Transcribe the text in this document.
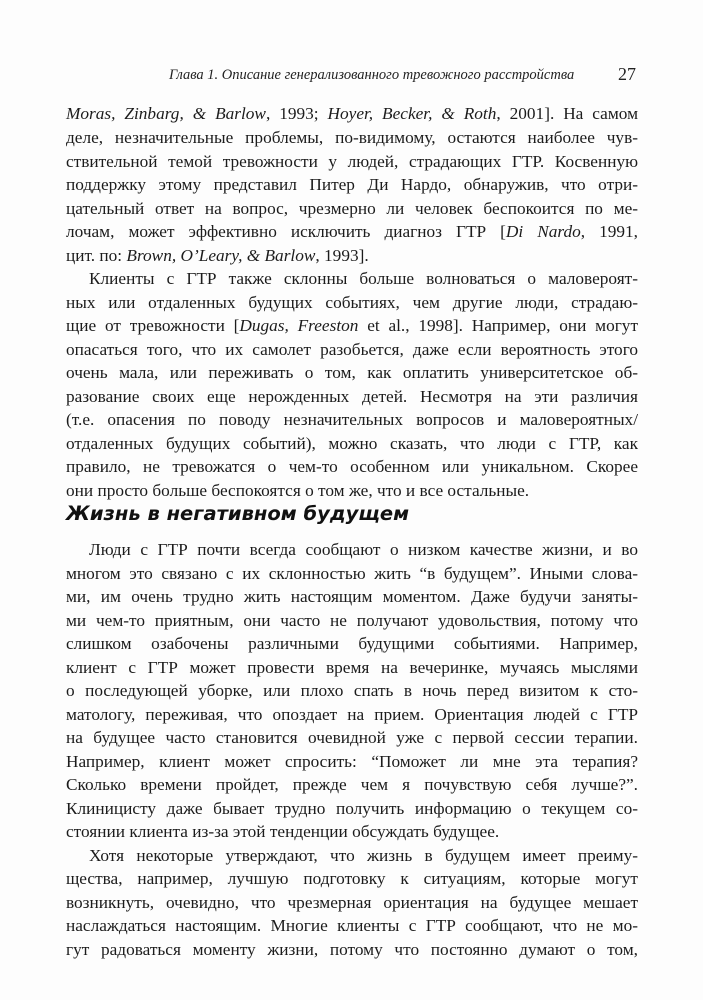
Глава 1. Описание генерализованного тревожного расстройства 27
Moras, Zinbarg, & Barlow, 1993; Hoyer, Becker, & Roth, 2001]. На самом
деле, незначительные проблемы, по-видимому, остаются наиболее чув-
ствительной темой тревожности у людей, страдающих ГТР. Косвенную
поддержку этому представил Питер Ди Нардо, обнаружив, что отри-
цательный ответ на вопрос, чрезмерно ли человек беспокоится по ме-
лочам, может эффективно исключить диагноз ГТР [Di Nardo, 1991,
цит. по: Brown, O’Leary, & Barlow, 1993].
Клиенты с ГТР также склонны больше волноваться о маловероят-
ных или отдаленных будущих событиях, чем другие люди, страдаю-
щие от тревожности [Dugas, Freeston et al., 1998]. Например, они могут
опасаться того, что их самолет разобьется, даже если вероятность этого
очень мала, или переживать о том, как оплатить университетское об-
разование своих еще нерожденных детей. Несмотря на эти различия
(т.е. опасения по поводу незначительных вопросов и маловероятных/
отдаленных будущих событий), можно сказать, что люди с ГТР, как
правило, не тревожатся о чем-то особенном или уникальном. Скорее
они просто больше беспокоятся о том же, что и все остальные.
Жизнь в негативном будущем
Люди с ГТР почти всегда сообщают о низком качестве жизни, и во
многом это связано с их склонностью жить “в будущем”. Иными слова-
ми, им очень трудно жить настоящим моментом. Даже будучи заняты-
ми чем-то приятным, они часто не получают удовольствия, потому что
слишком озабочены различными будущими событиями. Например,
клиент с ГТР может провести время на вечеринке, мучаясь мыслями
о последующей уборке, или плохо спать в ночь перед визитом к сто-
матологу, переживая, что опоздает на прием. Ориентация людей с ГТР
на будущее часто становится очевидной уже с первой сессии терапии.
Например, клиент может спросить: “Поможет ли мне эта терапия?
Сколько времени пройдет, прежде чем я почувствую себя лучше?”.
Клиницисту даже бывает трудно получить информацию о текущем со-
стоянии клиента из-за этой тенденции обсуждать будущее.
Хотя некоторые утверждают, что жизнь в будущем имеет преиму-
щества, например, лучшую подготовку к ситуациям, которые могут
возникнуть, очевидно, что чрезмерная ориентация на будущее мешает
наслаждаться настоящим. Многие клиенты с ГТР сообщают, что не мо-
гут радоваться моменту жизни, потому что постоянно думают о том,
